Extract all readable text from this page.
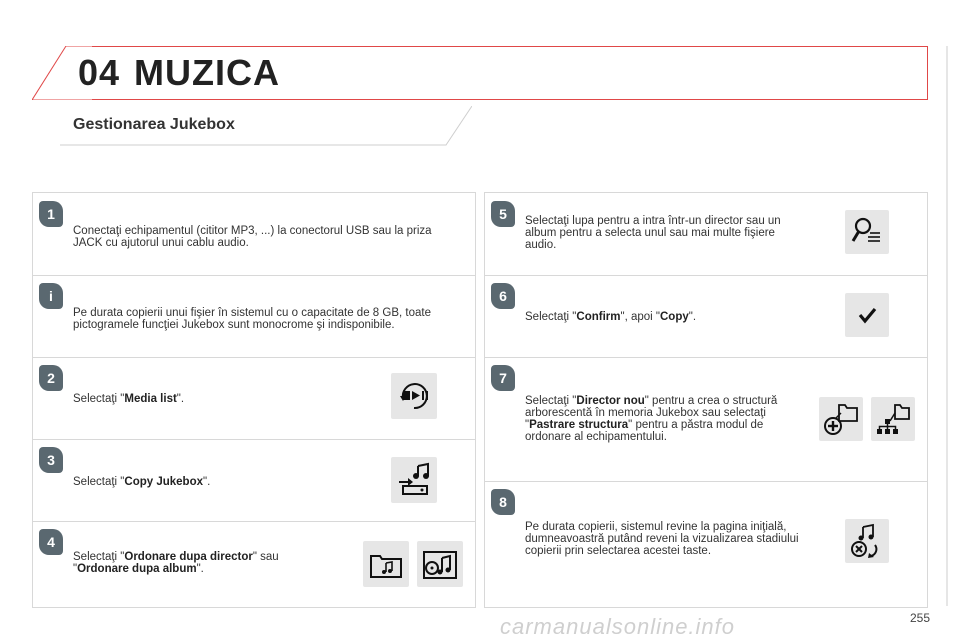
04 MUZICA
Gestionarea Jukebox
1
Conectaţi echipamentul (cititor MP3, ...) la conectorul USB sau la priza JACK cu ajutorul unui cablu audio.
i
Pe durata copierii unui fişier în sistemul cu o capacitate de 8 GB, toate pictogramele funcţiei Jukebox sunt monocrome şi indisponibile.
2
Selectaţi "Media list".
3
Selectaţi "Copy Jukebox".
4
Selectaţi "Ordonare dupa director" sau "Ordonare dupa album".
5	Selectaţi lupa pentru a intra într-un director sau un album pentru a selecta unul sau mai multe fişiere audio.
6
Selectaţi "Confirm", apoi "Copy".
7
Selectaţi "Director nou" pentru a crea o structură arborescentă în memoria Jukebox sau selectaţi "Pastrare structura" pentru a păstra modul de ordonare al echipamentului.
8
Pe durata copierii, sistemul revine la pagina iniţială, dumneavoastră putând reveni la vizualizarea stadiului copierii prin selectarea acestei taste.
255
carmanualsonline.info
